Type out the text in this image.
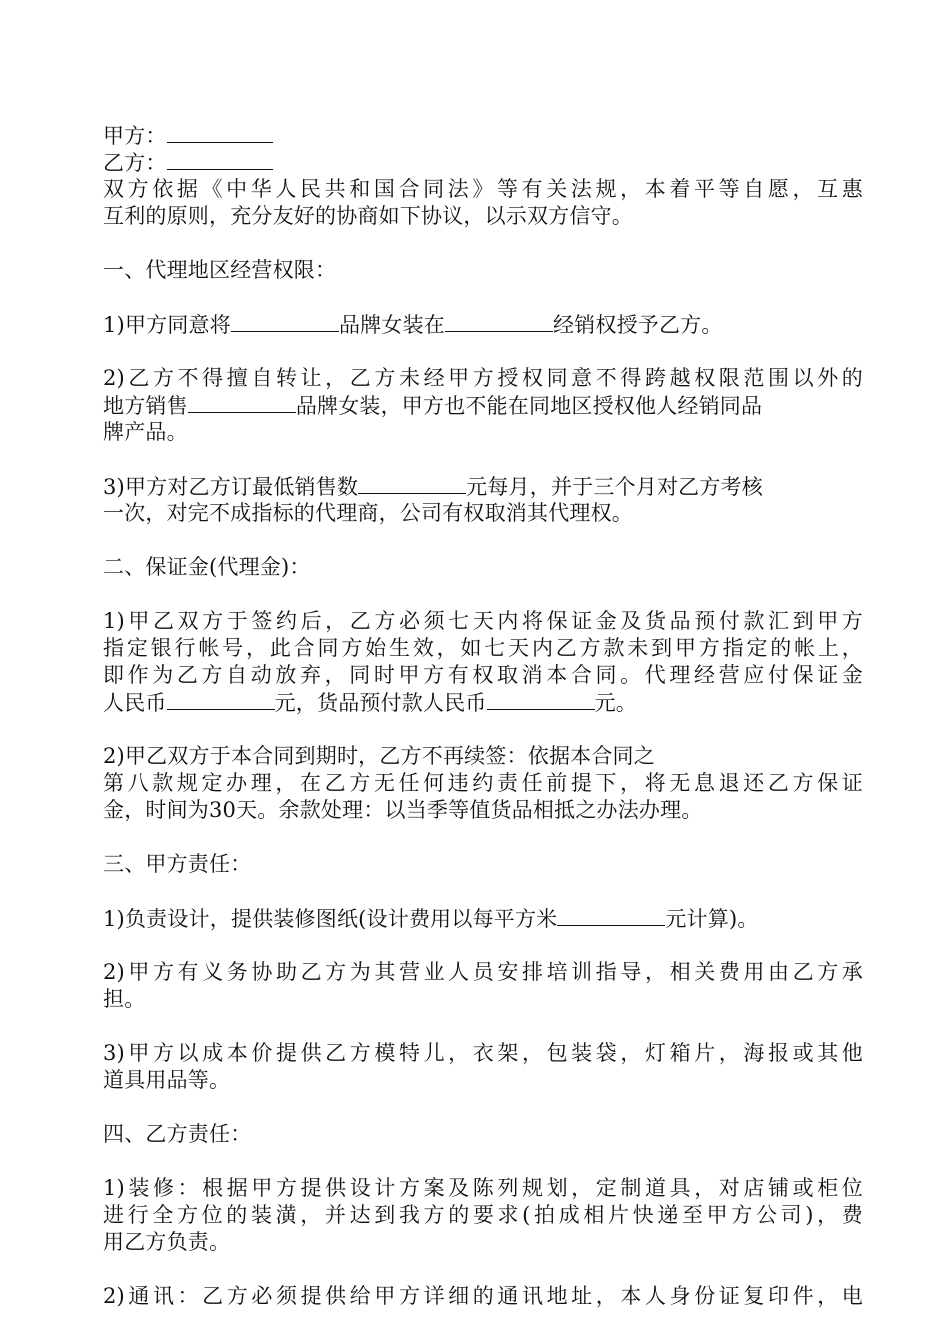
甲方：

乙方：

双方依据《中华人民共和国合同法》等有关法规，本着平等自愿，互惠

互利的原则，充分友好的协商如下协议，以示双方信守。

一、代理地区经营权限：

1)甲方同意将	品牌女装在	经销权授予乙方。

2)乙方不得擅自转让，乙方未经甲方授权同意不得跨越权限范围以外的

地方销售	品牌女装，甲方也不能在同地区授权他人经销同品

牌产品。

3)甲方对乙方订最低销售数	元每月，并于三个月对乙方考核

一次，对完不成指标的代理商，公司有权取消其代理权。

二、保证金(代理金)：

1)甲乙双方于签约后，乙方必须七天内将保证金及货品预付款汇到甲方

指定银行帐号，此合同方始生效，如七天内乙方款未到甲方指定的帐上，

即作为乙方自动放弃，同时甲方有权取消本合同。代理经营应付保证金

人民币	元，货品预付款人民币	元。

2)甲乙双方于本合同到期时，乙方不再续签：依据本合同之

第八款规定办理，在乙方无任何违约责任前提下，将无息退还乙方保证

金，时间为30天。余款处理：以当季等值货品相抵之办法办理。

三、甲方责任：

1)负责设计，提供装修图纸(设计费用以每平方米	元计算)。

2)甲方有义务协助乙方为其营业人员安排培训指导，相关费用由乙方承

担。

3)甲方以成本价提供乙方模特儿，衣架，包装袋，灯箱片，海报或其他

道具用品等。

四、乙方责任：

1)装修：根据甲方提供设计方案及陈列规划，定制道具，对店铺或柜位

进行全方位的装潢，并达到我方的要求(拍成相片快递至甲方公司)，费

用乙方负责。

2)通讯：乙方必须提供给甲方详细的通讯地址，本人身份证复印件，电
